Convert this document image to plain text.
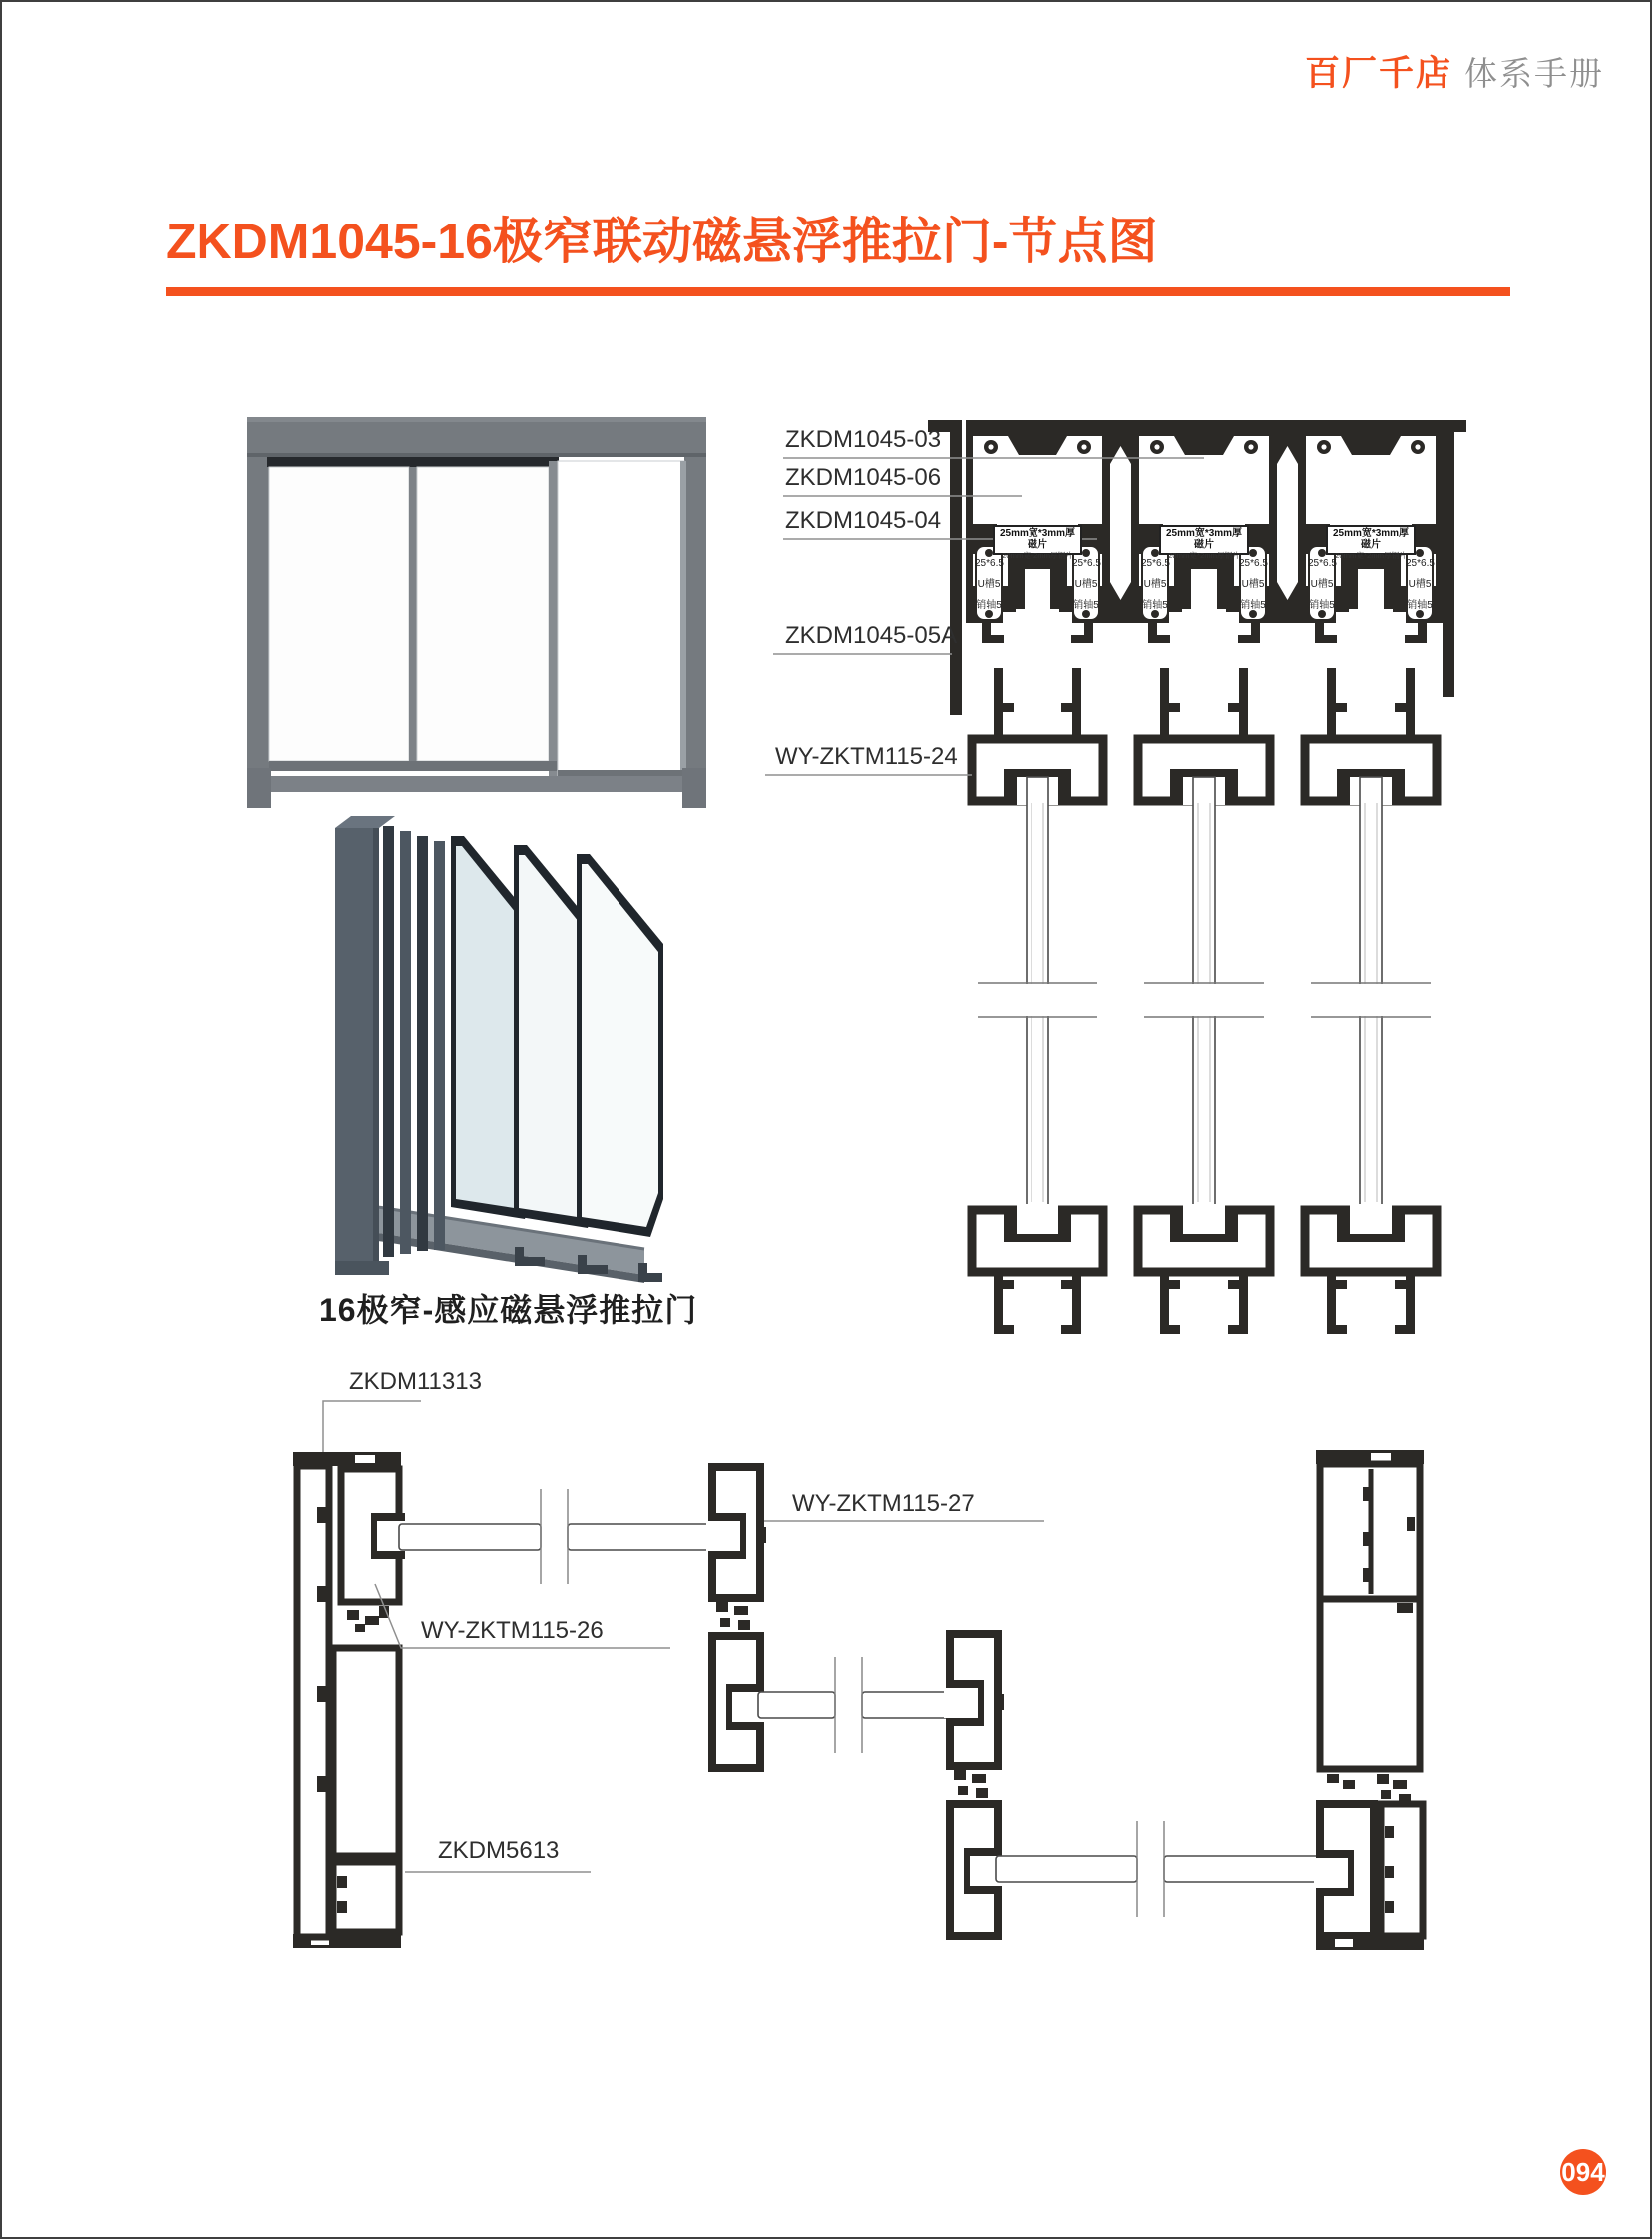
百厂千店 体系手册
ZKDM1045-16极窄联动磁悬浮推拉门-节点图
16极窄-感应磁悬浮推拉门
ZKDM1045-03
ZKDM1045-06
ZKDM1045-04
ZKDM1045-05A
WY-ZKTM115-24
25mm宽*3mm厚磁片
20mm宽*2mm厚钢片
25mm宽*3mm厚磁片
20mm宽*2mm厚钢片
25mm宽*3mm厚磁片
20mm宽*2mm厚钢片
25*6.5
U槽5
销轴5
25*6.5
U槽5
销轴5
25*6.5
U槽5
销轴5
25*6.5
U槽5
销轴5
25*6.5
U槽5
销轴5
25*6.5
U槽5
销轴5
ZKDM11313
WY-ZKTM115-27
WY-ZKTM115-26
ZKDM5613
094
